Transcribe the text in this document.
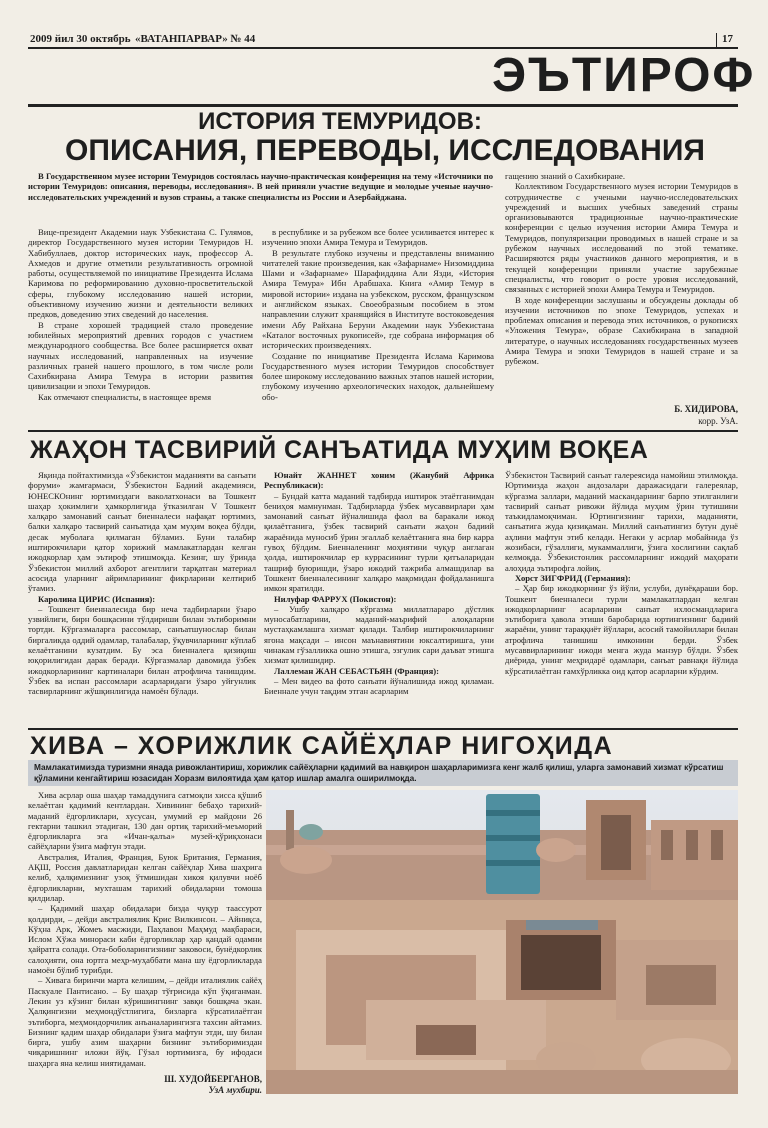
2009 йил 30 октябрь «ВАТАНПАРВАР» № 44	17
ЭЪТИРОФ
ИСТОРИЯ ТЕМУРИДОВ:
ОПИСАНИЯ, ПЕРЕВОДЫ, ИССЛЕДОВАНИЯ

В Государственном музее истории Темуридов состоялась научно-практическая конференция на тему «Источники по истории Темуридов: описания, переводы, исследования». В ней приняли участие ведущие и молодые ученые научно-исследовательских учреждений и вузов страны, а также специалисты из России и Азербайджана.

Вице-президент Академии наук Узбекистана С. Гулямов, директор Государственного музея истории Темуридов Н. Хабибуллаев, доктор исторических наук, профессор А. Ахмедов и другие отметили результативность огромной работы, осуществляемой по инициативе Президента Ислама Каримова по реформированию духовно-просветительской сферы, глубокому исследованию нашей истории, объективному изучению жизни и деятельности великих предков, доведению этих сведений до населения.

В стране хорошей традицией стало проведение юбилейных мероприятий древних городов с участием международного сообщества. Все более расширяется охват научных исследований, направленных на изучение различных граней нашего прошлого, в том числе роли Сахибкирана Амира Темура в истории развития цивилизации и эпохи Темуридов.

Как отмечают специалисты, в настоящее время

в республике и за рубежом все более усиливается интерес к изучению эпохи Амира Темура и Темуридов.

В результате глубоко изучены и представлены вниманию читателей такие произведения, как «Зафарнаме» Низомиддина Шами и «Зафарнаме» Шарафиддина Али Язди, «История Амира Темура» Ибн Арабшаха. Книга «Амир Темур в мировой истории» издана на узбекском, русском, французском и английском языках. Своеобразным пособием в этом направлении служит хранящийся в Институте востоковедения имени Абу Райхана Беруни Академии наук Узбекистана «Каталог восточных рукописей», где собрана информация об исторических произведениях.

Создание по инициативе Президента Ислама Каримова Государственного музея истории Темуридов способствует более широкому исследованию важных этапов нашей истории, глубокому изучению археологических находок, дальнейшему обо-

гащению знаний о Сахибкиране.

Коллективом Государственного музея истории Темуридов в сотрудничестве с учеными научно-исследовательских учреждений и высших учебных заведений страны организовываются традиционные научно-практические конференции с целью изучения истории Амира Темура и Темуридов, популяризации проводимых в нашей стране и за рубежом научных исследований по этой тематике. Расширяются ряды участников данного мероприятия, и в текущей конференции приняли участие зарубежные специалисты, что говорит о росте уровня исследований, связанных с историей эпохи Амира Темура и Темуридов.

В ходе конференции заслушаны и обсуждены доклады об изучении источников по эпохе Темуридов, успехах и проблемах описания и перевода этих источников, о рукописях «Уложения Темура», образе Сахибкирана в западной литературе, о научных исследованиях государственных музеев Амира Темура и эпохи Темуридов в нашей стране и за рубежом.

Б. ХИДИРОВА,
корр. УзА.
ЖАҲОН ТАСВИРИЙ САНЪАТИДА МУҲИМ ВОҚЕА

Яқинда пойтахтимизда «Ўзбекистон маданияти ва санъати форуми» жамғармаси, Ўзбекистон Бадиий академияси, ЮНЕСКОнинг юртимиздаги ваколатхонаси ва Тошкент шаҳар ҳокимлиги ҳамкорлигида ўтказилган V Тошкент халқаро замонавий санъат биенналеси нафақат юртимиз, балки халқаро тасвирий санъатида ҳам муҳим воқеа бўлди, десак муболаға қилмаган бўламиз. Буни талабир иштирокчилари қатор хорижий мамлакатлардан келган ижодкорлар ҳам эътироф этишмоқда. Кезинг, шу ўринда Ўзбекистон миллий ахборот агентлиги тарқатган материал асосида уларнинг айримларининг фикрларини келтириб ўтамиз.

Каролина ЦИРИС (Испания):

– Тошкент биенналесида бир неча тадбирларни ўзаро узвийлиги, бирн бошқасини тўлдириши билан эътиборимни тортди. Кўргазмаларга рассомлар, санъатшунослар билан биргаликда оддий одамлар, талабалар, ўқувчиларнинг кўплаб келаётганини кузатдим. Бу эса биенналега қизиқиш юқорилигидан дарак беради. Кўргазмалар давомида ўзбек ижодкорларининг картиналари билан атрофлича танишдим. Ўзбек ва испан рассомлари асарларидаги ўзаро уйғунлик тасвирларнинг жўшқинлигида намоён бўлади.

Юнайт ЖАННЕТ хоним (Жанубий Африка Республикаси):

– Бундай катта маданий тадбирда иштирок этаётганимдан бениҳоя мамнунман. Тадбирларда ўзбек мусаввирлари ҳам замонавий санъат йўналишида фаол ва баракали ижод қилаётганига, ўзбек тасвирий санъати жаҳон бадиий жараёнида муносиб ўрин эгаллаб келаётганига яна бир карра гувоҳ бўлдим. Биенналенинг моҳиятини чуқур англаган ҳолда, иштирокчилар ер куррасининг турли қитъаларидан ташриф буюришди, ўзаро ижодий тажриба алмашдилар ва Тошкент биенналесининг халқаро мақомидан фойдаланишга имкон яратилди.

Нилуфар ФАРРУХ (Покистон):

– Ушбу халқаро кўргазма миллатлараро дўстлик муносабатларини, маданий-маърифий алоқаларни мустаҳкамлашга хизмат қилади. Талбир иштирокчиларнинг ягона мақсади – инсон маънавиятини юксалтиришга, уни чинакам гўзалликка ошно этишга, эзгулик сари даъват этишга хизмат қилишидир.

Лаллеман ЖАН СЕБАСТЬЯН (Франция):

– Мен видео ва фото санъати йўналишида ижод қиламан. Биеннале учун тақдим этган асарларим

Ўзбекистон Тасвирий санъат галереясида намойиш этилмоқда. Юртимизда жаҳон андозалари даражасидаги галереялар, кўргазма заллари, маданий маскандарнинг барпо этилганлиги тасвирий санъат ривожи йўлида муҳим ўрин тутишини таъкидламоқчиман. Юртингизнинг тарихи, маданияти, санъатига жуда қизиқаман. Миллий санъатингиз бутун дунё аҳлини мафтун этиб келади. Негаки у асрлар мобайнида ўз жозибаси, гўзаллиги, мукаммаллиги, ўзига хослигини сақлаб келмоқда. Ўзбекистонлик рассомларнинг ижодий маҳорати алоҳида эътирофга лойиқ.

Хорст ЗИГФРИД (Германия):

– Ҳар бир ижодкорнинг ўз йўли, услуби, дунёқараши бор. Тошкент биенналеси турли мамлакатлардан келган ижодкорларнинг асарларини санъат ихлосмандларига эътиборига ҳавола этиши баробарида юртингизнинг бадиий жараёни, унинг тараққиёт йўллари, асосий тамойиллари билан атрофлича танишиш имконини берди. Ўзбек мусаввирларининг ижоди менга жуда манзур бўлди. Ўзбек диёрида, унинг меҳридарё одамлари, санъат равнақи йўлида кўрсатилаётган ғамхўрликка оид қатор асарларни кўрдим.

ХИВА – ХОРИЖЛИК САЙЁҲЛАР НИГОҲИДА
Мамлакатимизда туризмни янада ривожлантириш, хорижлик сайёҳларни қадимий ва навқирон шаҳарларимизга кенг жалб қилиш, уларга замонавий хизмат кўрсатиш қўламини кенгайтириш юзасидан Хоразм вилоятида ҳам қатор ишлар амалга оширилмоқда.

Хива асрлар оша шаҳар тамаддунига сатмоқли хисса қўшиб келаётган қадимий кентлардан. Хивининг бебаҳо тарихий-маданий ёдгорликлари, хусусан, умумий ер майдони 26 гектарни ташкил этадиган, 130 дан ортиқ тарихий-меъморий ёдгорликларга эга «Ичан-қалъа» музей-қўриқхонаси сайёҳларни ўзига мафтун этади.

Австралия, Италия, Франция, Буюк Британия, Германия, АҚШ, Россия давлатларидан келган сайёҳлар Хива шаҳрига келиб, ҳалқимизнинг узоқ ўтмишидан хикоя қилувчи ноёб ёдгорликларни, мухташам тарихий обидаларни томоша қилдилар.

– Қадимий шаҳар обидалари бизда чуқур таассурот қолдирди, – дейди австралиялик Крис Вилкинсон. – Айниқса, Кўҳна Арк, Жомеъ масжиди, Паҳлавон Маҳмуд мақбараси, Ислом Хўжа минораси каби ёдгорликлар ҳар қандай одамни ҳайратга солади. Ота-боболарингизнинг заковоси, бунёдкорлик салоҳияти, она юртга меҳр-муҳаббати мана шу ёдгорликларда намоён бўлиб турибди.

– Хивага биринчи марта келишим, – дейди италиялик сайёҳ Паскуале Пантисано. – Бу шаҳар тўғрисида кўп ўқиганман. Лекин уз кўзинг билан кўришингнинг завқи бошқача экан. Ҳалқингизни меҳмондўстлигига, бизларга кўрсатилаётган эътиборга, меҳмондорчилик анъаналарингизга тахсин айтамиз. Бизнинг қадим шаҳар обидалари ўзига мафтун этди, шу билан бирга, ушбу азим шаҳарни бизнинг эътиборимиздан чиқаришнинг иложи йўқ. Гўзал юртимизга, бу ифодаси шаҳарга яна келиш ниятидаман.

Ш. ХУДОЙБЕРГАНОВ,
УзА мухбири.
